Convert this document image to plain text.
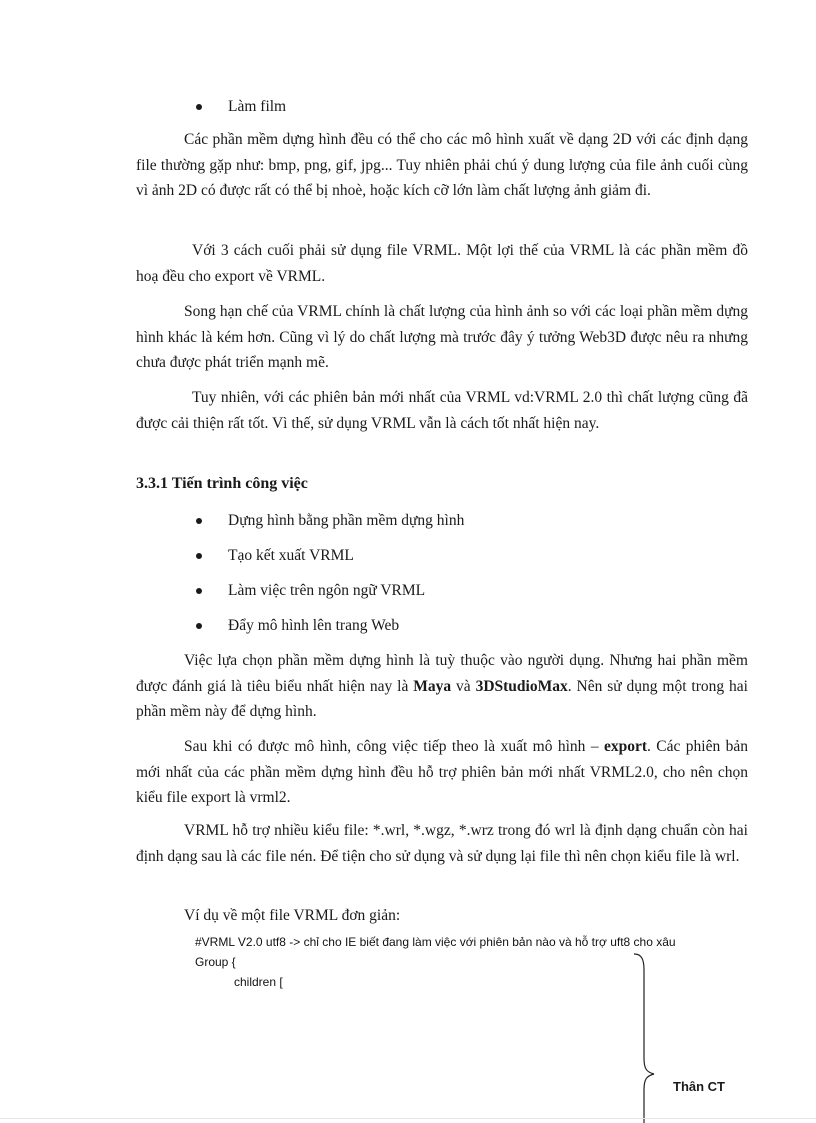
Làm film

Các phần mềm dựng hình đều có thể cho các mô hình xuất về dạng 2D với các định dạng file thường gặp như: bmp, png, gif, jpg... Tuy nhiên phải chú ý dung lượng của file ảnh cuối cùng vì ảnh 2D có được rất có thể bị nhoè, hoặc kích cỡ lớn làm chất lượng ảnh giảm đi.

Với 3 cách cuối phải sử dụng file VRML. Một lợi thế của VRML là các phần mềm đồ hoạ đều cho export về VRML.

Song hạn chế của VRML chính là chất lượng của hình ảnh so với các loại phần mềm dựng hình khác là kém hơn. Cũng vì lý do chất lượng mà trước đây ý tưởng Web3D được nêu ra nhưng chưa được phát triển mạnh mẽ.

Tuy nhiên, với các phiên bản mới nhất của VRML vd:VRML 2.0 thì chất lượng cũng đã được cải thiện rất tốt. Vì thế, sử dụng VRML vẫn là cách tốt nhất hiện nay.

3.3.1 Tiến trình công việc
Dựng hình bằng phần mềm dựng hình
Tạo kết xuất VRML
Làm việc trên ngôn ngữ VRML
Đẩy mô hình lên trang Web

Việc lựa chọn phần mềm dựng hình là tuỳ thuộc vào người dụng. Nhưng hai phần mềm được đánh giá là tiêu biểu nhất hiện nay là Maya và 3DStudioMax. Nên sử dụng một trong hai phần mềm này để dựng hình.

Sau khi có được mô hình, công việc tiếp theo là xuất mô hình – export. Các phiên bản mới nhất của các phần mềm dựng hình đều hỗ trợ phiên bản mới nhất VRML2.0, cho nên chọn kiểu file export là vrml2.

VRML hỗ trợ nhiều kiểu file: *.wrl, *.wgz, *.wrz trong đó wrl là định dạng chuẩn còn hai định dạng sau là các file nén. Để tiện cho sử dụng và sử dụng lại file thì nên chọn kiểu file là wrl.

Ví dụ về một file VRML đơn giản:
#VRML V2.0 utf8 -> chỉ cho IE biết đang làm việc với phiên bản nào và hỗ trợ uft8 cho xâu
Group {
children [
Thân CT
